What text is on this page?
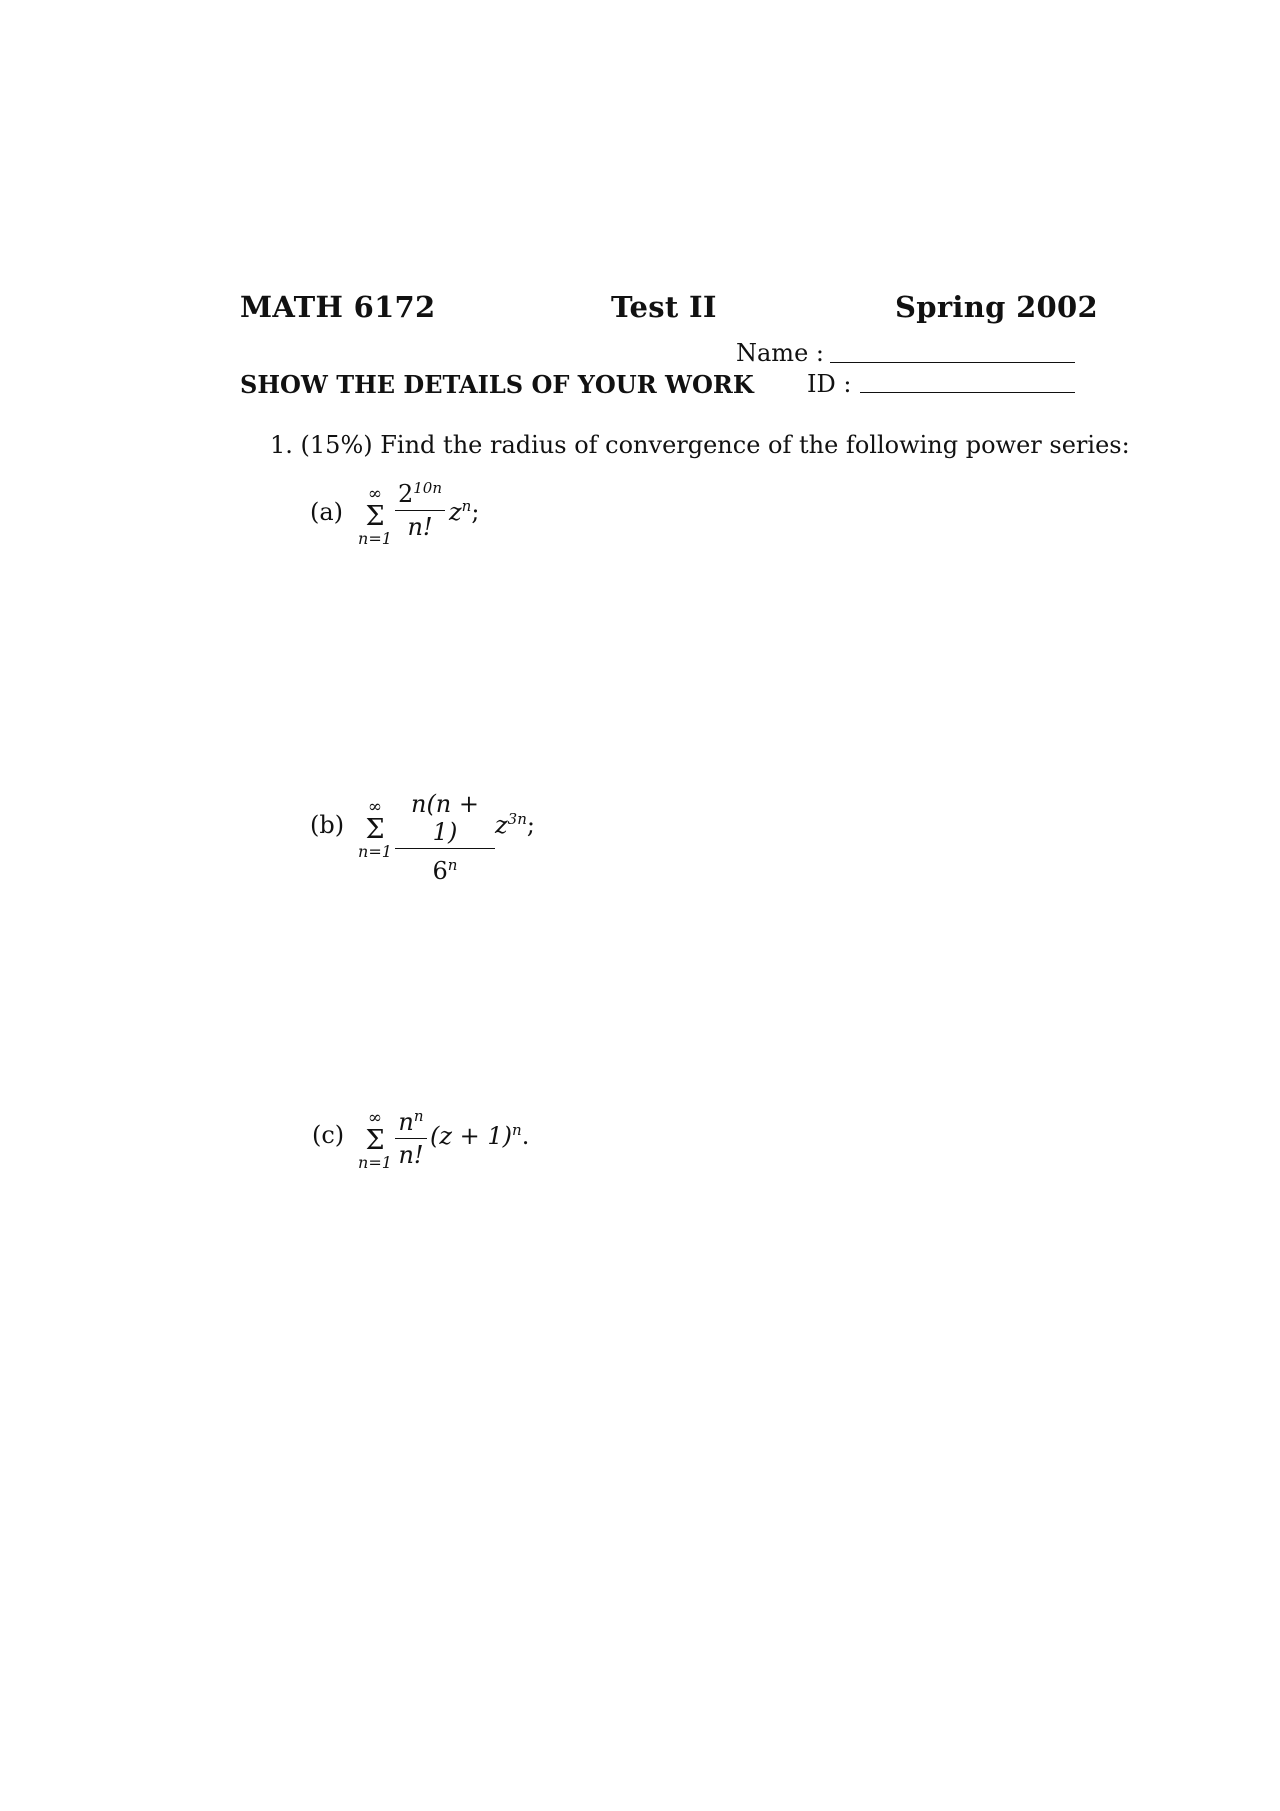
MATH 6172	Test II	Spring 2002
Name :
SHOW THE DETAILS OF YOUR WORK ID :
1. (15%) Find the radius of convergence of the following power series:
(a)
∞
Σ
n=1
$2^{10n}$
n!
$z^n$;
(b)
∞
Σ
n=1
n(n + 1)
6$^n$
$z^{3n}$;
(c)
∞
Σ
n=1
$n^n$
n!
$(z + 1)^n$.
